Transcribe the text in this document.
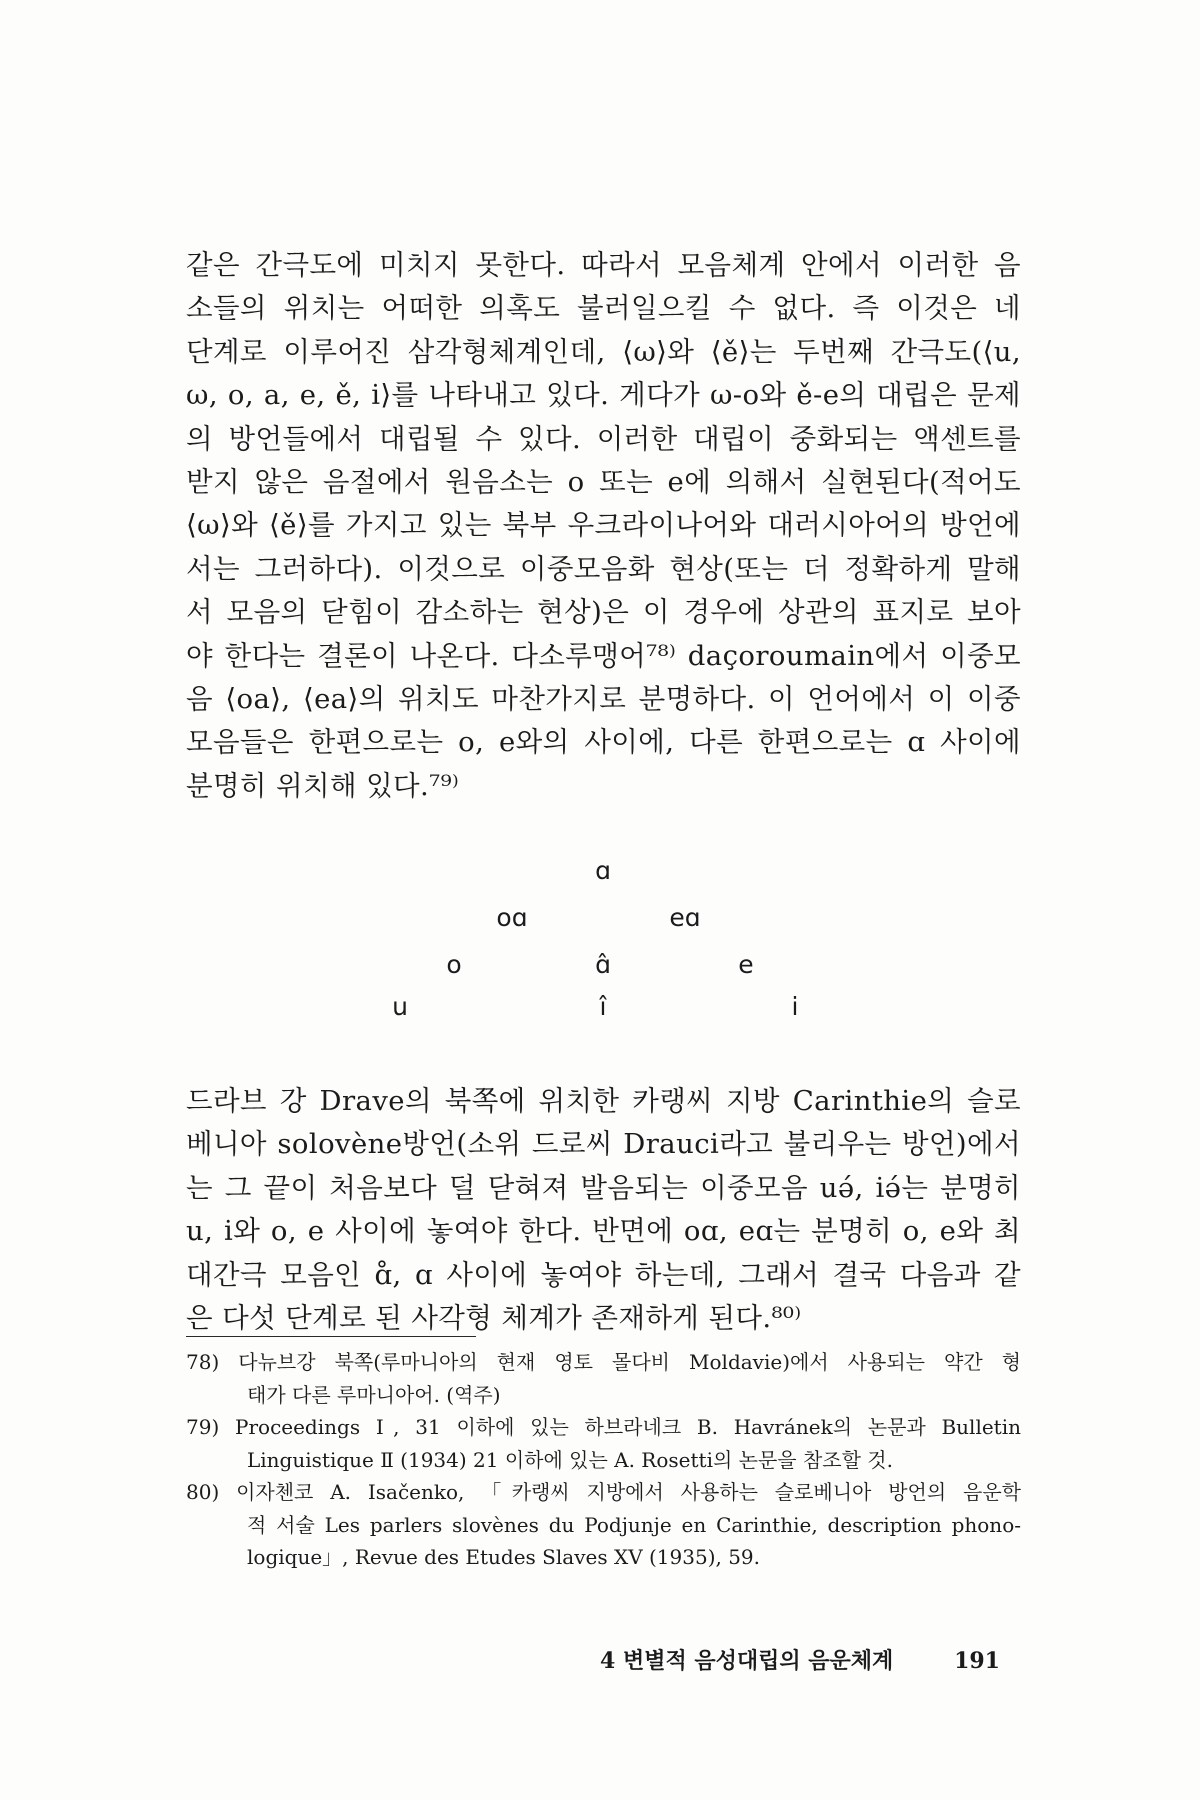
같은 간극도에 미치지 못한다. 따라서 모음체계 안에서 이러한 음
소들의 위치는 어떠한 의혹도 불러일으킬 수 없다. 즉 이것은 네
단계로 이루어진 삼각형체계인데, ⟨ω⟩와 ⟨ě⟩는 두번째 간극도(⟨u,
ω, o, a, e, ě, i⟩를 나타내고 있다. 게다가 ω-o와 ě-e의 대립은 문제
의 방언들에서 대립될 수 있다. 이러한 대립이 중화되는 액센트를
받지 않은 음절에서 원음소는 o 또는 e에 의해서 실현된다(적어도
⟨ω⟩와 ⟨ě⟩를 가지고 있는 북부 우크라이나어와 대러시아어의 방언에
서는 그러하다). 이것으로 이중모음화 현상(또는 더 정확하게 말해
서 모음의 닫힘이 감소하는 현상)은 이 경우에 상관의 표지로 보아
야 한다는 결론이 나온다. 다소루맹어⁷⁸⁾ daçoroumain에서 이중모
음 ⟨oa⟩, ⟨ea⟩의 위치도 마찬가지로 분명하다. 이 언어에서 이 이중
모음들은 한편으로는 o, e와의 사이에, 다른 한편으로는 ɑ 사이에
분명히 위치해 있다.⁷⁹⁾
ɑ
oɑ	eɑ
o	ɑ̂	e
u	î	i
드라브 강 Drave의 북쪽에 위치한 카랭씨 지방 Carinthie의 슬로
베니아 solovène방언(소위 드로씨 Drauci라고 불리우는 방언)에서
는 그 끝이 처음보다 덜 닫혀져 발음되는 이중모음 uə́, iə́는 분명히
u, i와 o, e 사이에 놓여야 한다. 반면에 oɑ, eɑ는 분명히 o, e와 최
대간극 모음인 ɑ̊, ɑ 사이에 놓여야 하는데, 그래서 결국 다음과 같
은 다섯 단계로 된 사각형 체계가 존재하게 된다.⁸⁰⁾
78) 다뉴브강 북쪽(루마니아의 현재 영토 몰다비 Moldavie)에서 사용되는 약간 형
태가 다른 루마니아어. (역주)
79) Proceedings Ⅰ, 31 이하에 있는 하브라네크 B. Havránek의 논문과 Bulletin
Linguistique Ⅱ (1934) 21 이하에 있는 A. Rosetti의 논문을 참조할 것.
80) 이자첸코 A. Isačenko, 「카랭씨 지방에서 사용하는 슬로베니아 방언의 음운학
적 서술 Les parlers slovènes du Podjunje en Carinthie, description phono-
logique」, Revue des Etudes Slaves XV (1935), 59.
4 변별적 음성대립의 음운체계	191
